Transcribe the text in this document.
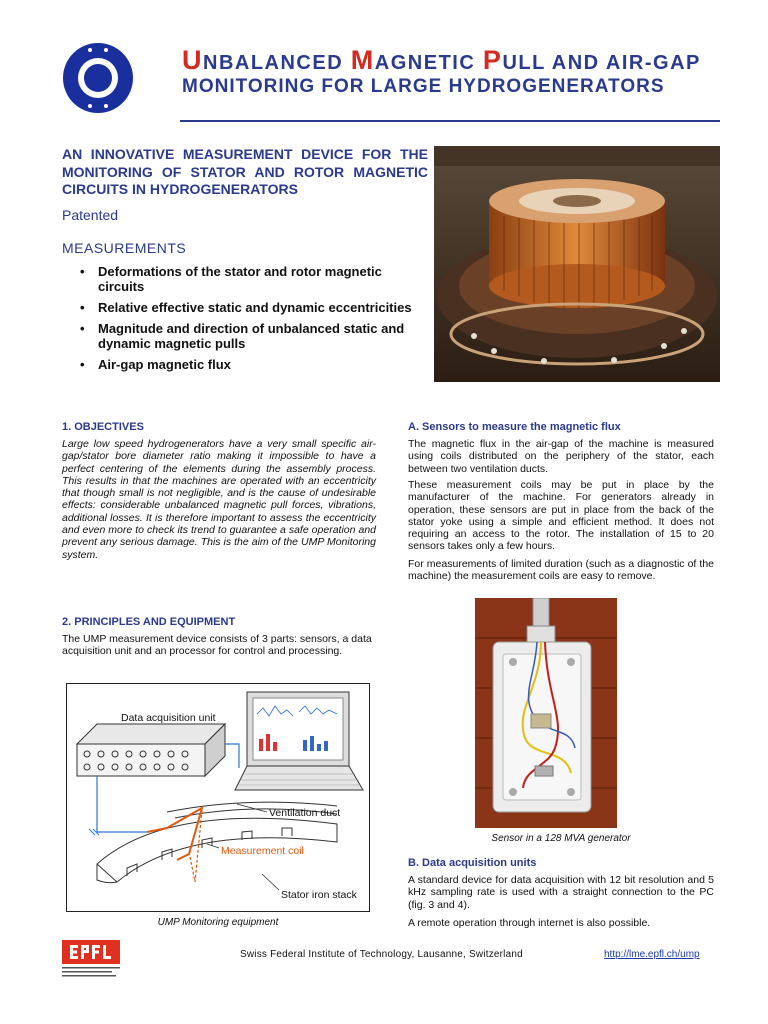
UNBALANCED MAGNETIC PULL AND AIR-GAP
MONITORING FOR LARGE HYDROGENERATORS
AN INNOVATIVE MEASUREMENT DEVICE FOR THE MONITORING OF STATOR AND ROTOR MAGNETIC CIRCUITS IN HYDROGENERATORS
Patented
MEASUREMENTS
• Deformations of the stator and rotor magnetic circuits
• Relative effective static and dynamic eccentricities
• Magnitude and direction of unbalanced static and dynamic magnetic pulls
• Air-gap magnetic flux
1. OBJECTIVES
Large low speed hydrogenerators have a very small specific air-gap/stator bore diameter ratio making it impossible to have a perfect centering of the elements during the assembly process. This results in that the machines are operated with an eccentricity that though small is not negligible, and is the cause of undesirable effects: considerable unbalanced magnetic pull forces, vibrations, additional losses. It is therefore important to assess the eccentricity and even more to check its trend to guarantee a safe operation and prevent any serious damage. This is the aim of the UMP Monitoring system.
2. PRINCIPLES AND EQUIPMENT
The UMP measurement device consists of 3 parts: sensors, a data acquisition unit and an processor for control and processing.
Data acquisition unit
Ventilation duct
Measurement coil
Stator iron stack
UMP Monitoring equipment
A. Sensors to measure the magnetic flux
The magnetic flux in the air-gap of the machine is measured using coils distributed on the periphery of the stator, each between two ventilation ducts.
These measurement coils may be put in place by the manufacturer of the machine. For generators already in operation, these sensors are put in place from the back of the stator yoke using a simple and efficient method. It does not requiring an access to the rotor. The installation of 15 to 20 sensors takes only a few hours.
For measurements of limited duration (such as a diagnostic of the machine) the measurement coils are easy to remove.
Sensor in a 128 MVA generator
B. Data acquisition units
A standard device for data acquisition with 12 bit resolution and 5 kHz sampling rate is used with a straight connection to the PC (fig. 3 and 4).
A remote operation through internet is also possible.
Swiss Federal Institute of Technology, Lausanne, Switzerland	http://lme.epfl.ch/ump
